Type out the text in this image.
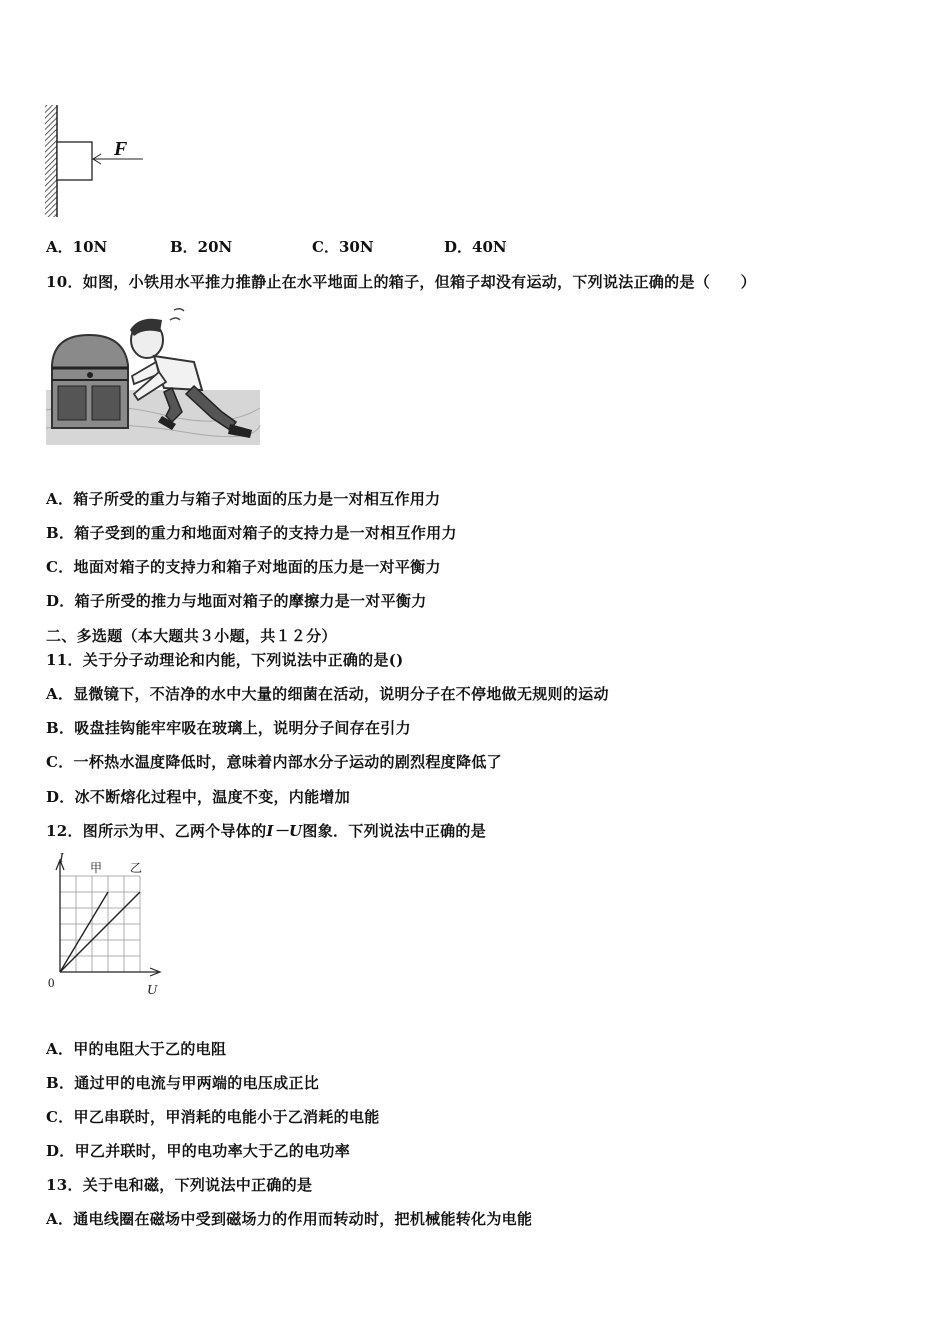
F
A．10N	B．20N	C．30N	D．40N
10．如图，小铁用水平推力推静止在水平地面上的箱子，但箱子却没有运动，下列说法正确的是（　　）
A．箱子所受的重力与箱子对地面的压力是一对相互作用力
B．箱子受到的重力和地面对箱子的支持力是一对相互作用力
C．地面对箱子的支持力和箱子对地面的压力是一对平衡力
D．箱子所受的推力与地面对箱子的摩擦力是一对平衡力
二、多选题（本大题共３小题，共１２分）
11．关于分子动理论和内能，下列说法中正确的是()
A．显微镜下，不洁净的水中大量的细菌在活动，说明分子在不停地做无规则的运动
B．吸盘挂钩能牢牢吸在玻璃上，说明分子间存在引力
C．一杯热水温度降低时，意味着内部水分子运动的剧烈程度降低了
D．冰不断熔化过程中，温度不变，内能增加
12．图所示为甲、乙两个导体的I－U图象．下列说法中正确的是
I
U
0
甲 乙
A．甲的电阻大于乙的电阻
B．通过甲的电流与甲两端的电压成正比
C．甲乙串联时，甲消耗的电能小于乙消耗的电能
D．甲乙并联时，甲的电功率大于乙的电功率
13．关于电和磁，下列说法中正确的是
A．通电线圈在磁场中受到磁场力的作用而转动时，把机械能转化为电能
